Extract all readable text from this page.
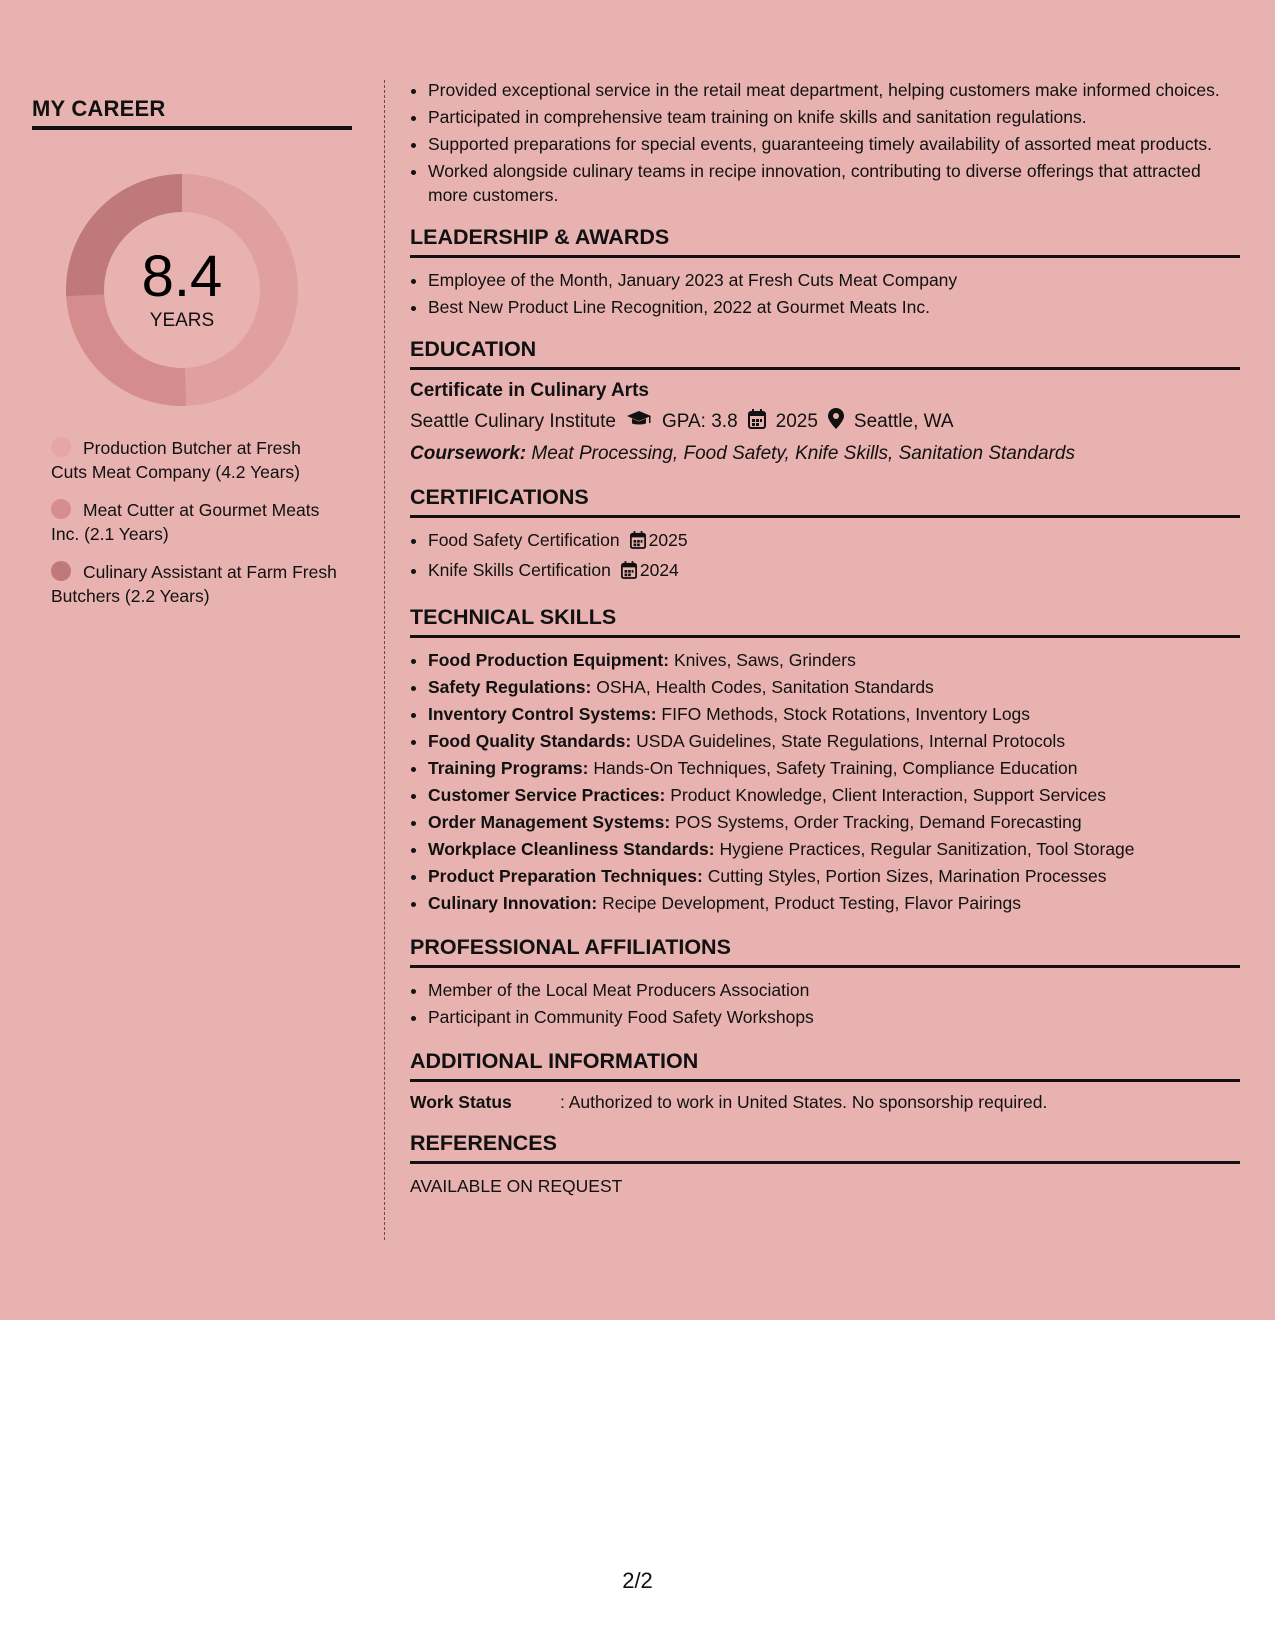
MY CAREER
8.4
YEARS
Production Butcher at Fresh Cuts Meat Company (4.2 Years)
Meat Cutter at Gourmet Meats Inc. (2.1 Years)
Culinary Assistant at Farm Fresh Butchers (2.2 Years)
• Provided exceptional service in the retail meat department, helping customers make informed choices.
• Participated in comprehensive team training on knife skills and sanitation regulations.
• Supported preparations for special events, guaranteeing timely availability of assorted meat products.
• Worked alongside culinary teams in recipe innovation, contributing to diverse offerings that attracted more customers.
LEADERSHIP & AWARDS
• Employee of the Month, January 2023 at Fresh Cuts Meat Company
• Best New Product Line Recognition, 2022 at Gourmet Meats Inc.
EDUCATION
Certificate in Culinary Arts
Seattle Culinary Institute GPA: 3.8 2025 Seattle, WA
Coursework: Meat Processing, Food Safety, Knife Skills, Sanitation Standards
CERTIFICATIONS
• Food Safety Certification 2025
• Knife Skills Certification 2024
TECHNICAL SKILLS
• Food Production Equipment: Knives, Saws, Grinders
• Safety Regulations: OSHA, Health Codes, Sanitation Standards
• Inventory Control Systems: FIFO Methods, Stock Rotations, Inventory Logs
• Food Quality Standards: USDA Guidelines, State Regulations, Internal Protocols
• Training Programs: Hands-On Techniques, Safety Training, Compliance Education
• Customer Service Practices: Product Knowledge, Client Interaction, Support Services
• Order Management Systems: POS Systems, Order Tracking, Demand Forecasting
• Workplace Cleanliness Standards: Hygiene Practices, Regular Sanitization, Tool Storage
• Product Preparation Techniques: Cutting Styles, Portion Sizes, Marination Processes
• Culinary Innovation: Recipe Development, Product Testing, Flavor Pairings
PROFESSIONAL AFFILIATIONS
• Member of the Local Meat Producers Association
• Participant in Community Food Safety Workshops
ADDITIONAL INFORMATION
Work Status	: Authorized to work in United States. No sponsorship required.
REFERENCES
AVAILABLE ON REQUEST
2/2
